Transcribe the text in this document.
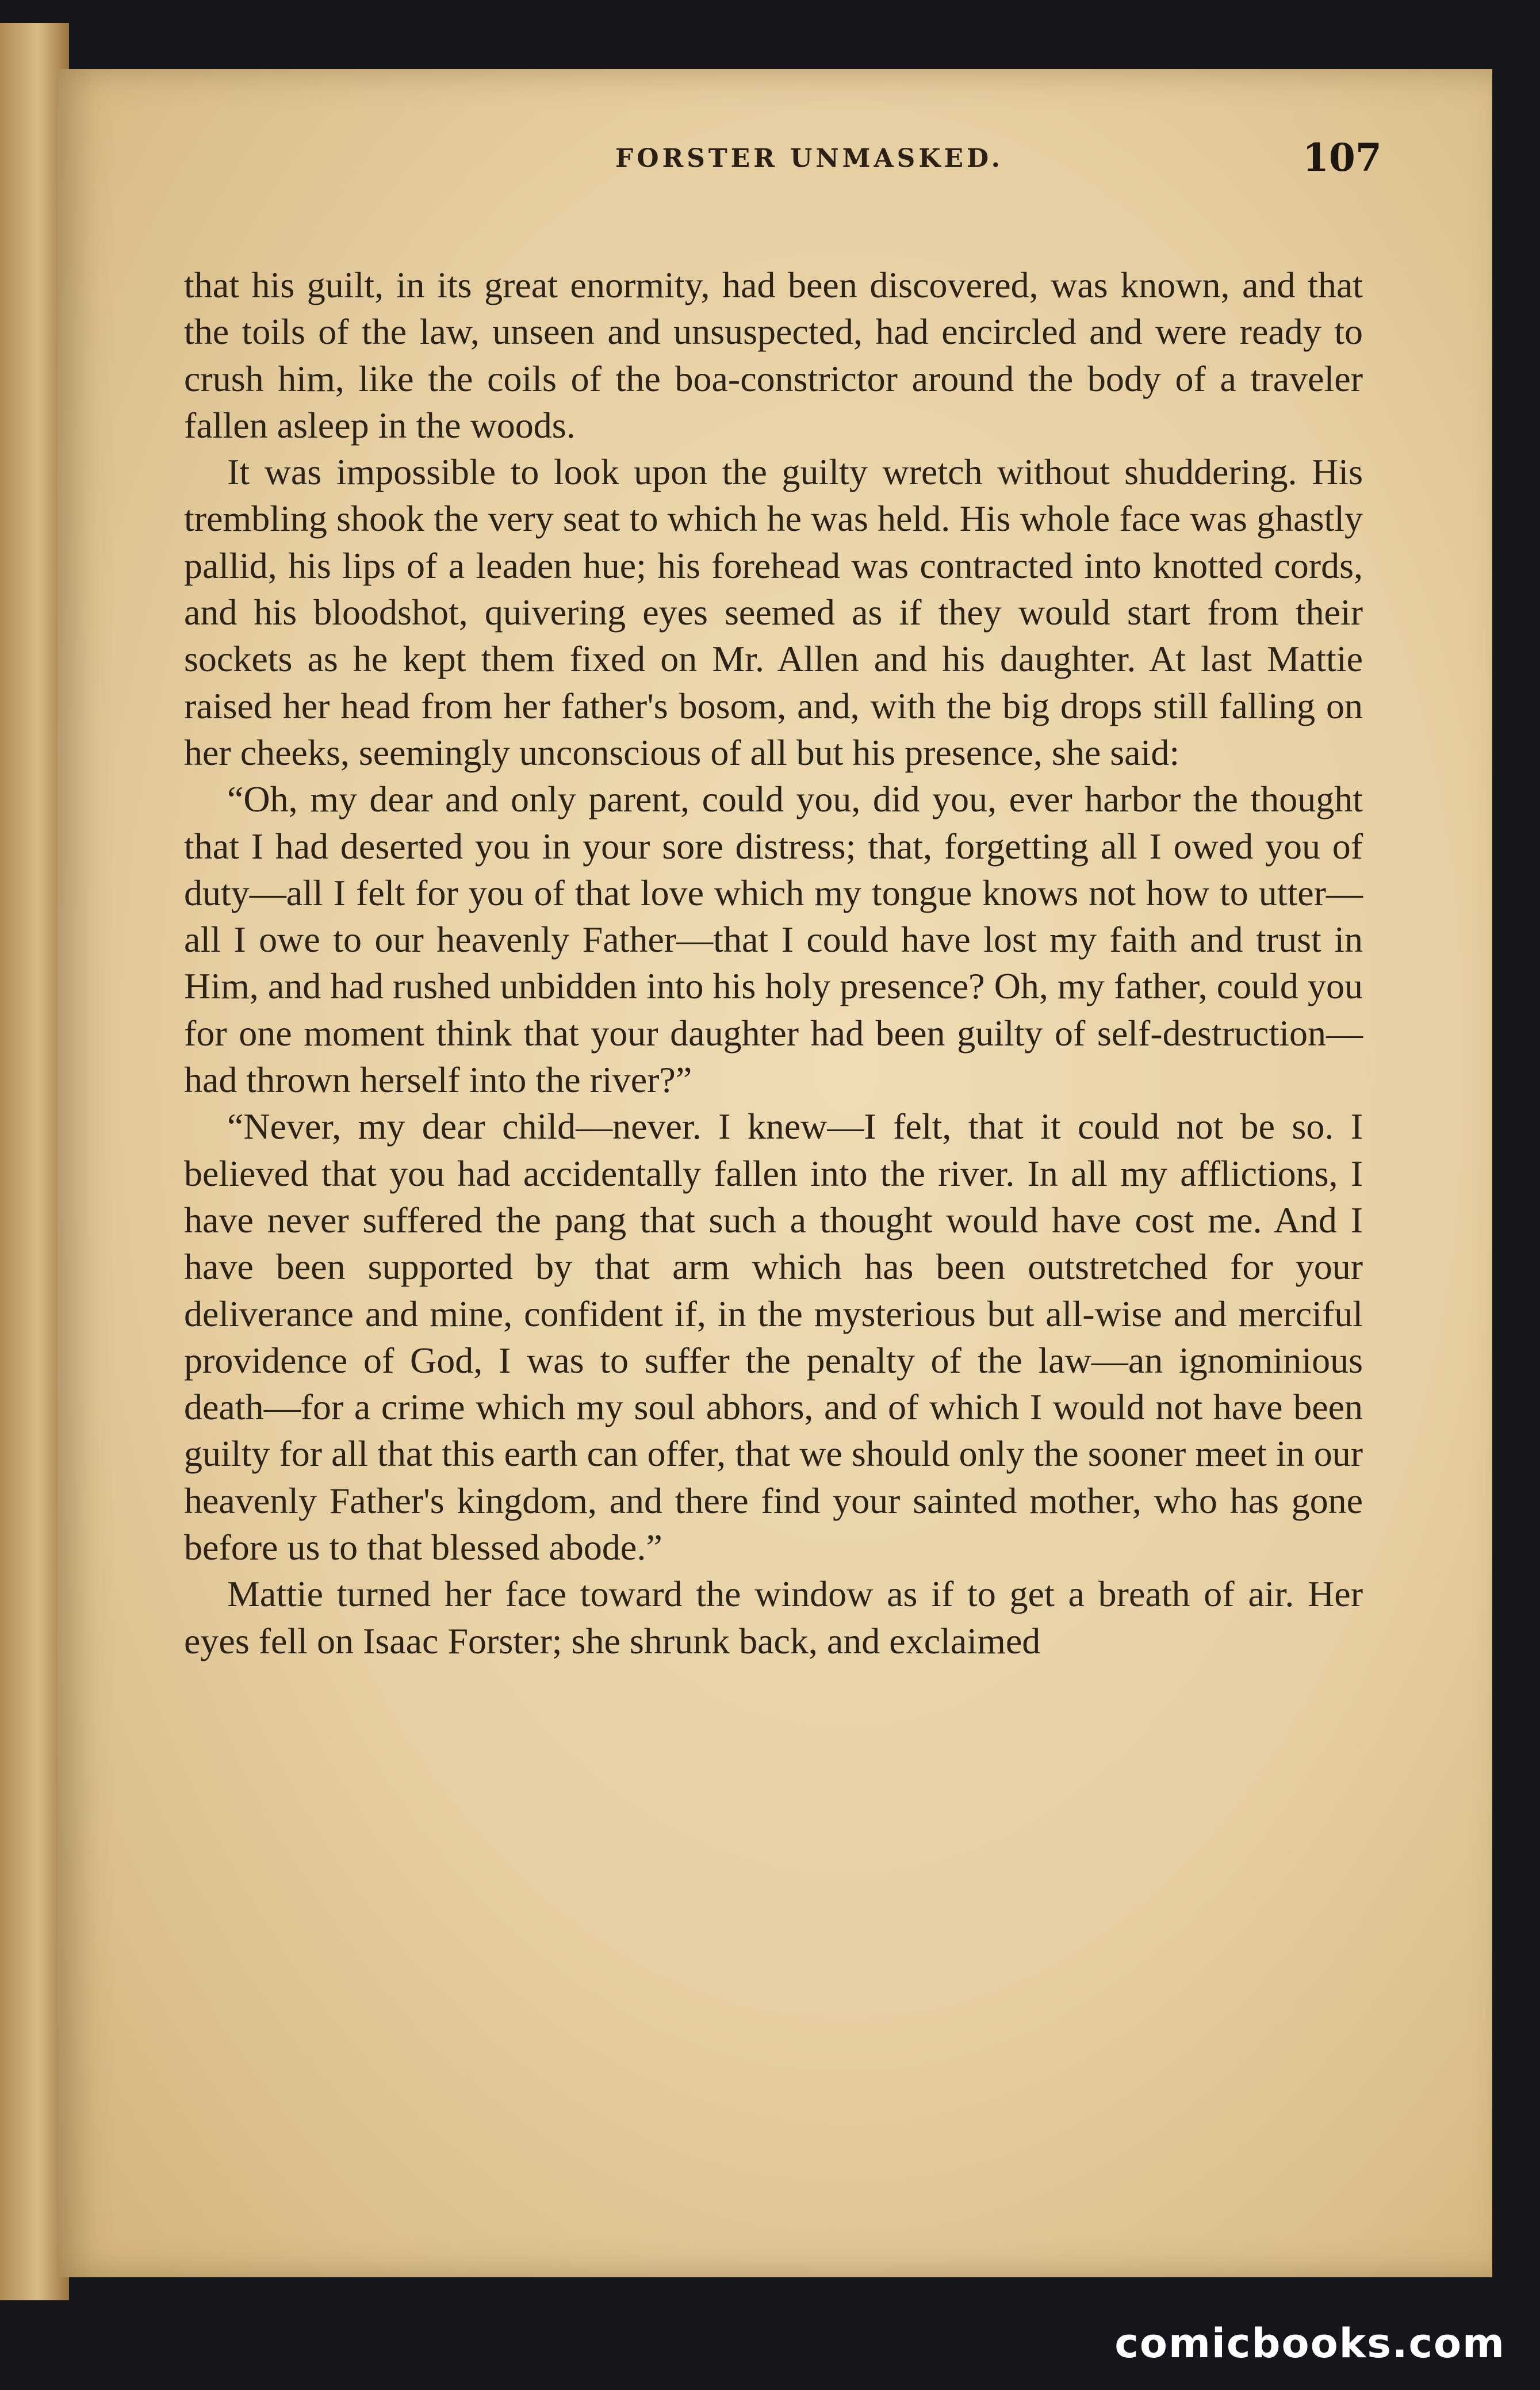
FORSTER UNMASKED.	107

that his guilt, in its great enormity, had been discovered, was known, and that the toils of the law, unseen and unsuspected, had encircled and were ready to crush him, like the coils of the boa-constrictor around the body of a traveler fallen asleep in the woods.

It was impossible to look upon the guilty wretch without shuddering. His trembling shook the very seat to which he was held. His whole face was ghastly pallid, his lips of a leaden hue; his forehead was contracted into knotted cords, and his bloodshot, quivering eyes seemed as if they would start from their sockets as he kept them fixed on Mr. Allen and his daughter. At last Mattie raised her head from her father's bosom, and, with the big drops still falling on her cheeks, seemingly unconscious of all but his presence, she said:

“Oh, my dear and only parent, could you, did you, ever harbor the thought that I had deserted you in your sore distress; that, forgetting all I owed you of duty—all I felt for you of that love which my tongue knows not how to utter—all I owe to our heavenly Father—that I could have lost my faith and trust in Him, and had rushed unbidden into his holy presence? Oh, my father, could you for one moment think that your daughter had been guilty of self-destruction—had thrown herself into the river?”

“Never, my dear child—never. I knew—I felt, that it could not be so. I believed that you had accidentally fallen into the river. In all my afflictions, I have never suffered the pang that such a thought would have cost me. And I have been supported by that arm which has been outstretched for your deliverance and mine, confident if, in the mysterious but all-wise and merciful providence of God, I was to suffer the penalty of the law—an ignominious death—for a crime which my soul abhors, and of which I would not have been guilty for all that this earth can offer, that we should only the sooner meet in our heavenly Father's kingdom, and there find your sainted mother, who has gone before us to that blessed abode.”

Mattie turned her face toward the window as if to get a breath of air. Her eyes fell on Isaac Forster; she shrunk back, and exclaimed

comicbooks.com
